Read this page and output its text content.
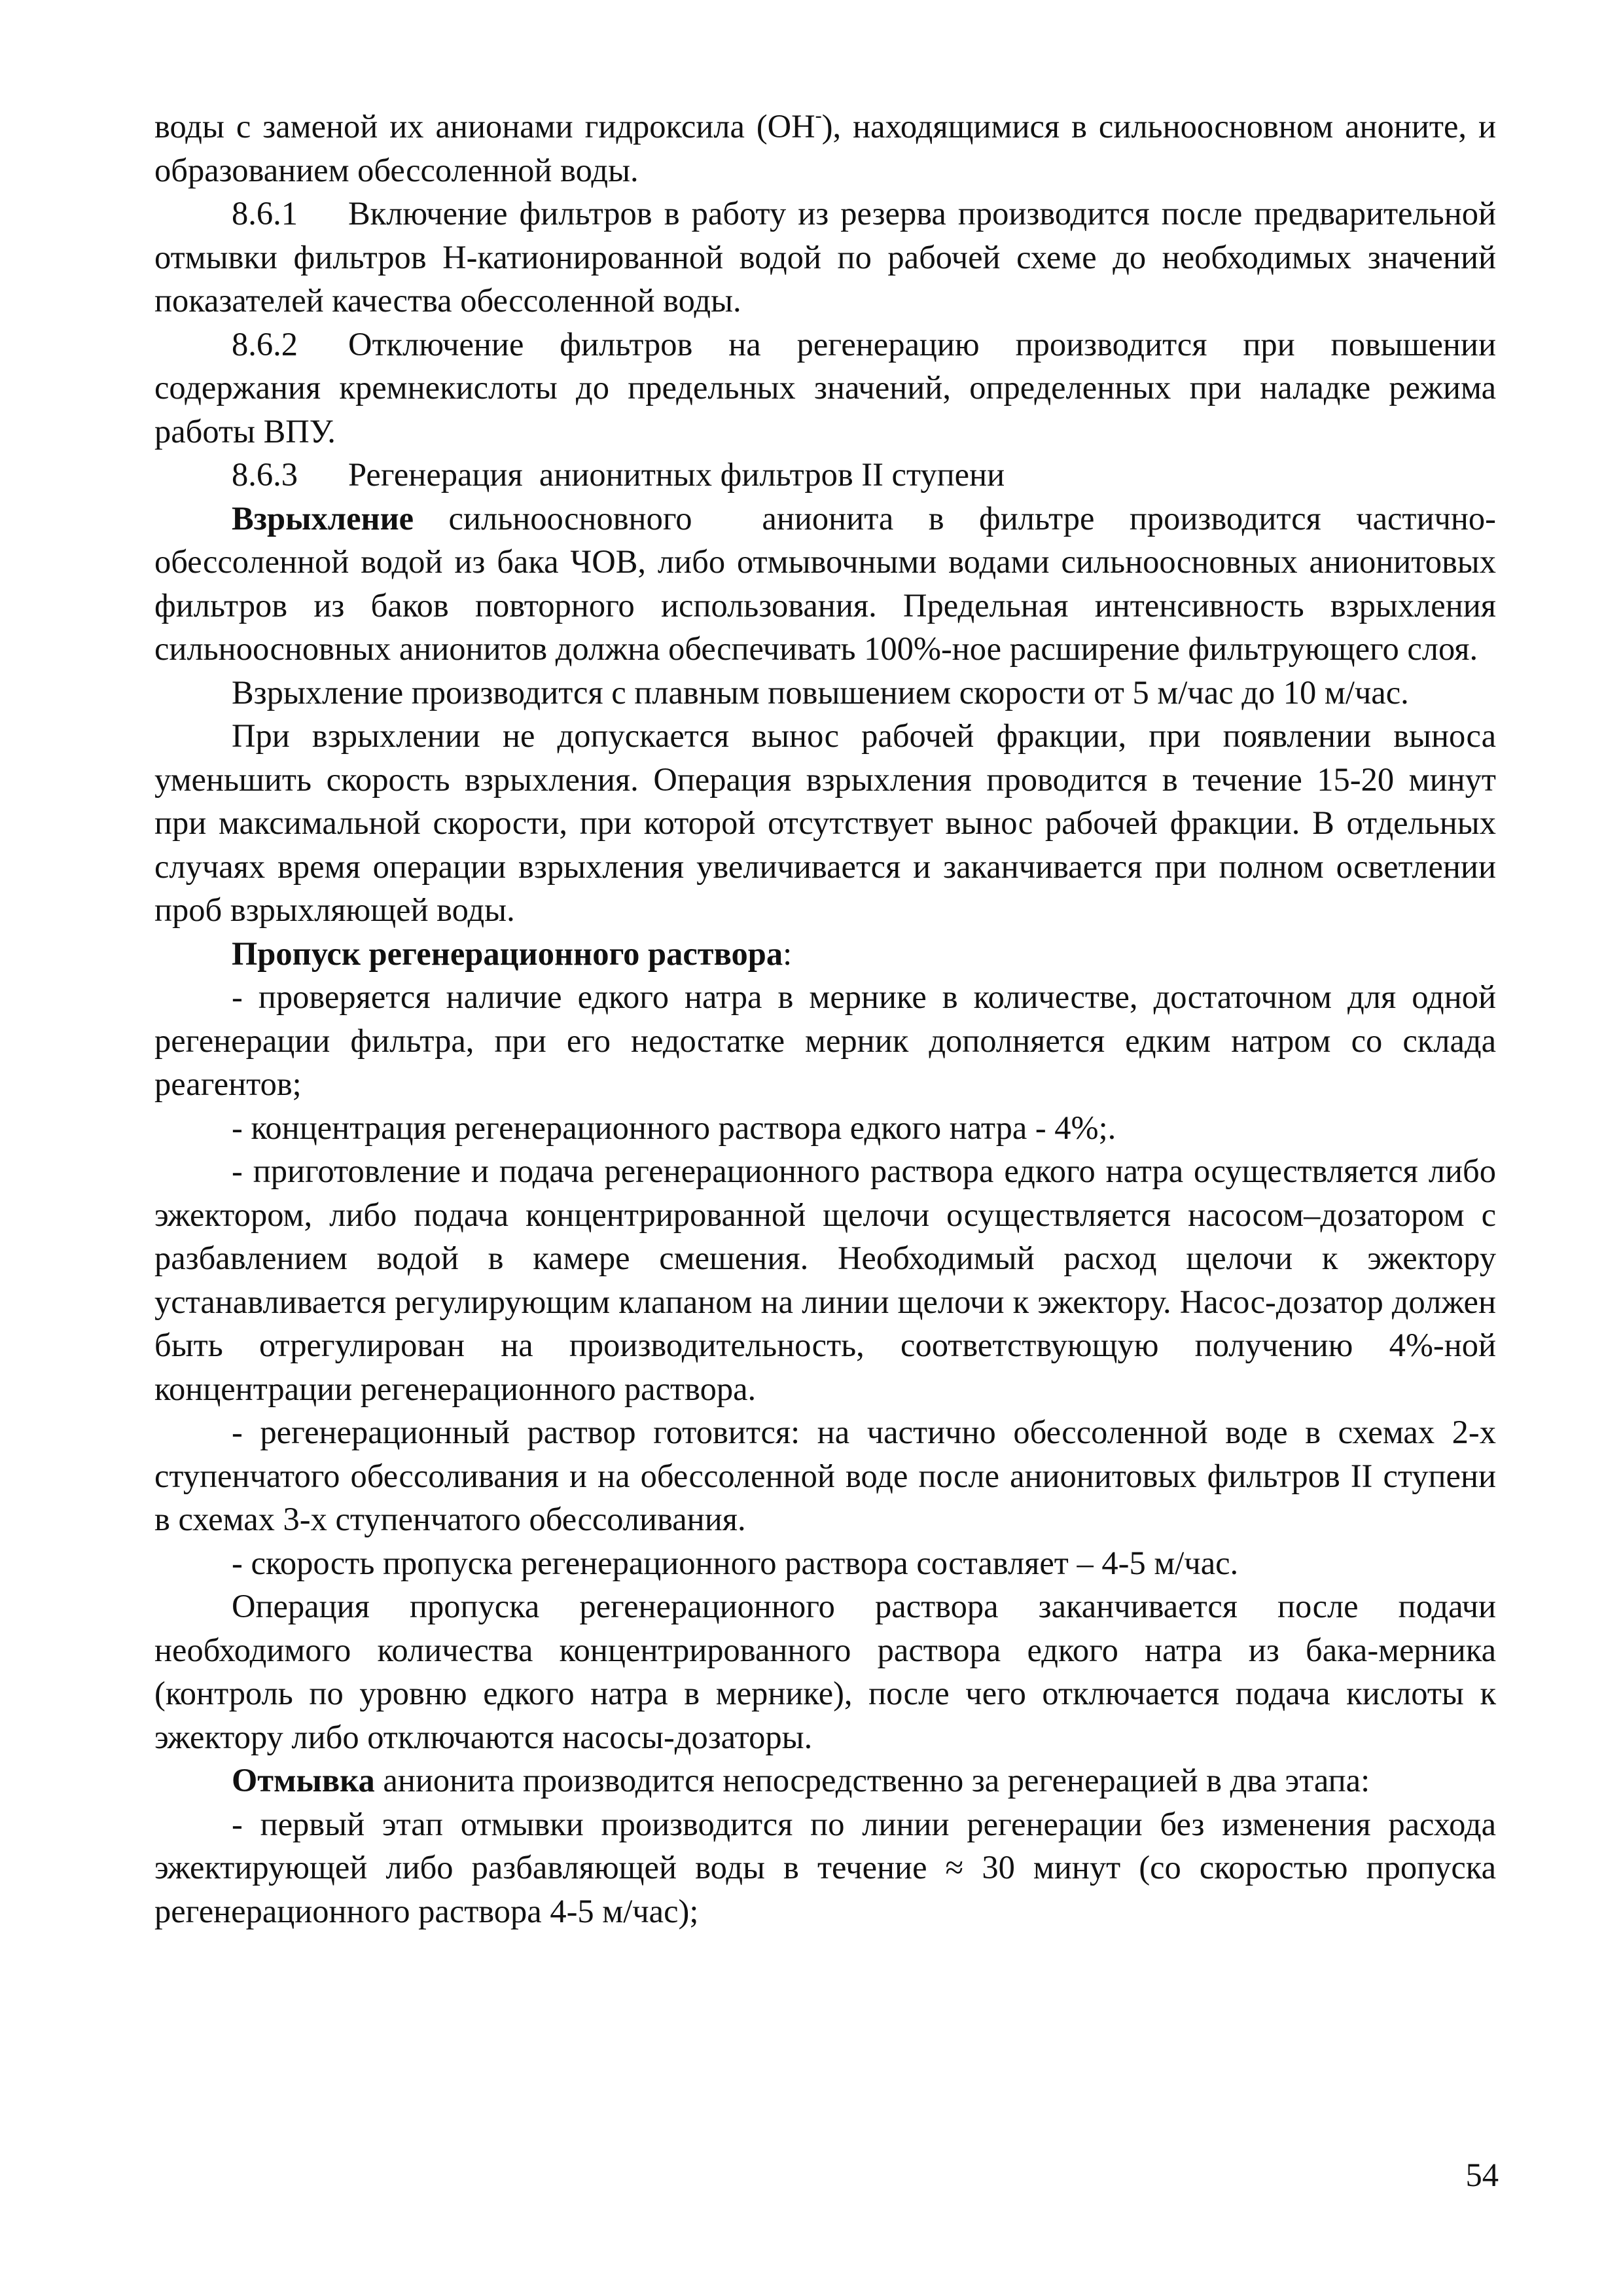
воды с заменой их анионами гидроксила (ОН-), находящимися в сильноосновном аноните, и образованием обессоленной воды.

8.6.1 Включение фильтров в работу из резерва производится после предварительной отмывки фильтров Н-катионированной водой по рабочей схеме до необходимых значений показателей качества обессоленной воды.

8.6.2 Отключение фильтров на регенерацию производится при повышении содержания кремнекислоты до предельных значений, определенных при наладке режима работы ВПУ.

8.6.3 Регенерация  анионитных фильтров II ступени

Взрыхление сильноосновного  анионита в фильтре производится частично-обессоленной водой из бака ЧОВ, либо отмывочными водами сильноосновных анионитовых фильтров из баков повторного использования. Предельная интенсивность взрыхления сильноосновных анионитов должна обеспечивать 100%-ное расширение фильтрующего слоя.

Взрыхление производится с плавным повышением скорости от 5 м/час до 10 м/час.

При взрыхлении не допускается вынос рабочей фракции, при появлении выноса уменьшить скорость взрыхления. Операция взрыхления проводится в течение 15-20 минут при максимальной скорости, при которой отсутствует вынос рабочей фракции. В отдельных случаях время операции взрыхления увеличивается и заканчивается при полном осветлении проб взрыхляющей воды.

Пропуск регенерационного раствора:

- проверяется наличие едкого натра в мернике в количестве, достаточном для одной регенерации фильтра, при его недостатке мерник дополняется едким натром со склада реагентов;

- концентрация регенерационного раствора едкого натра - 4%;.

- приготовление и подача регенерационного раствора едкого натра осуществляется либо эжектором, либо подача концентрированной щелочи осуществляется насосом–дозатором с разбавлением водой в камере смешения. Необходимый расход щелочи к эжектору устанавливается регулирующим клапаном на линии щелочи к эжектору. Насос-дозатор должен быть отрегулирован на производительность, соответствующую получению 4%-ной концентрации регенерационного раствора.

- регенерационный раствор готовится: на частично обессоленной воде в схемах 2-х ступенчатого обессоливания и на обессоленной воде после анионитовых фильтров II ступени в схемах 3-х ступенчатого обессоливания.

- скорость пропуска регенерационного раствора составляет – 4-5 м/час.

Операция пропуска регенерационного раствора заканчивается после подачи необходимого количества концентрированного раствора едкого натра из бака-мерника (контроль по уровню едкого натра в мернике), после чего отключается подача кислоты к эжектору либо отключаются насосы-дозаторы.

Отмывка анионита производится непосредственно за регенерацией в два этапа:

- первый этап отмывки производится по линии регенерации без изменения расхода эжектирующей либо разбавляющей воды в течение ≈ 30 минут (со скоростью пропуска регенерационного раствора 4-5 м/час);

54
